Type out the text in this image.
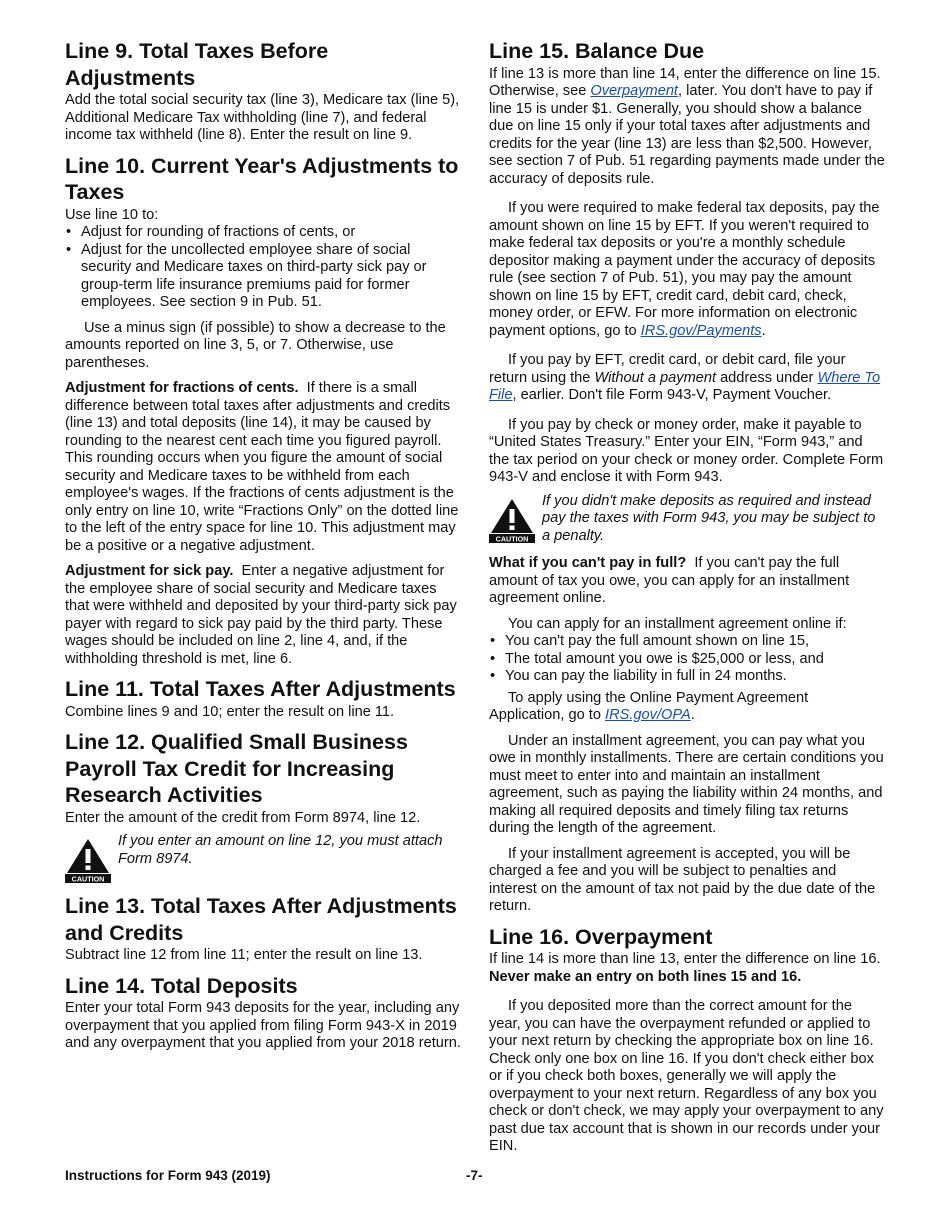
Line 9. Total Taxes Before Adjustments

Add the total social security tax (line 3), Medicare tax (line 5), Additional Medicare Tax withholding (line 7), and federal income tax withheld (line 8). Enter the result on line 9.

Line 10. Current Year's Adjustments to Taxes

Use line 10 to:

• Adjust for rounding of fractions of cents, or
• Adjust for the uncollected employee share of social security and Medicare taxes on third-party sick pay or group-term life insurance premiums paid for former employees. See section 9 in Pub. 51.

Use a minus sign (if possible) to show a decrease to the amounts reported on line 3, 5, or 7. Otherwise, use parentheses.

Adjustment for fractions of cents. If there is a small difference between total taxes after adjustments and credits (line 13) and total deposits (line 14), it may be caused by rounding to the nearest cent each time you figured payroll. This rounding occurs when you figure the amount of social security and Medicare taxes to be withheld from each employee's wages. If the fractions of cents adjustment is the only entry on line 10, write “Fractions Only” on the dotted line to the left of the entry space for line 10. This adjustment may be a positive or a negative adjustment.

Adjustment for sick pay. Enter a negative adjustment for the employee share of social security and Medicare taxes that were withheld and deposited by your third-party sick pay payer with regard to sick pay paid by the third party. These wages should be included on line 2, line 4, and, if the withholding threshold is met, line 6.

Line 11. Total Taxes After Adjustments

Combine lines 9 and 10; enter the result on line 11.

Line 12. Qualified Small Business Payroll Tax Credit for Increasing Research Activities

Enter the amount of the credit from Form 8974, line 12.

CAUTION
If you enter an amount on line 12, you must attach Form 8974.
Line 13. Total Taxes After Adjustments and Credits

Subtract line 12 from line 11; enter the result on line 13.

Line 14. Total Deposits

Enter your total Form 943 deposits for the year, including any overpayment that you applied from filing Form 943-X in 2019 and any overpayment that you applied from your 2018 return.

Line 15. Balance Due

If line 13 is more than line 14, enter the difference on line 15. Otherwise, see Overpayment, later. You don't have to pay if line 15 is under $1. Generally, you should show a balance due on line 15 only if your total taxes after adjustments and credits for the year (line 13) are less than $2,500. However, see section 7 of Pub. 51 regarding payments made under the accuracy of deposits rule.

If you were required to make federal tax deposits, pay the amount shown on line 15 by EFT. If you weren't required to make federal tax deposits or you're a monthly schedule depositor making a payment under the accuracy of deposits rule (see section 7 of Pub. 51), you may pay the amount shown on line 15 by EFT, credit card, debit card, check, money order, or EFW. For more information on electronic payment options, go to IRS.gov/Payments.

If you pay by EFT, credit card, or debit card, file your return using the Without a payment address under Where To File, earlier. Don't file Form 943-V, Payment Voucher.

If you pay by check or money order, make it payable to “United States Treasury.” Enter your EIN, “Form 943,” and the tax period on your check or money order. Complete Form 943-V and enclose it with Form 943.

CAUTION
If you didn't make deposits as required and instead pay the taxes with Form 943, you may be subject to a penalty.

What if you can't pay in full? If you can't pay the full amount of tax you owe, you can apply for an installment agreement online.

You can apply for an installment agreement online if:

• You can't pay the full amount shown on line 15,
• The total amount you owe is $25,000 or less, and
• You can pay the liability in full in 24 months.

To apply using the Online Payment Agreement Application, go to IRS.gov/OPA.

Under an installment agreement, you can pay what you owe in monthly installments. There are certain conditions you must meet to enter into and maintain an installment agreement, such as paying the liability within 24 months, and making all required deposits and timely filing tax returns during the length of the agreement.

If your installment agreement is accepted, you will be charged a fee and you will be subject to penalties and interest on the amount of tax not paid by the due date of the return.

Line 16. Overpayment

If line 14 is more than line 13, enter the difference on line 16. Never make an entry on both lines 15 and 16.

If you deposited more than the correct amount for the year, you can have the overpayment refunded or applied to your next return by checking the appropriate box on line 16. Check only one box on line 16. If you don't check either box or if you check both boxes, generally we will apply the overpayment to your next return. Regardless of any box you check or don't check, we may apply your overpayment to any past due tax account that is shown in our records under your EIN.

Instructions for Form 943 (2019)	-7-
